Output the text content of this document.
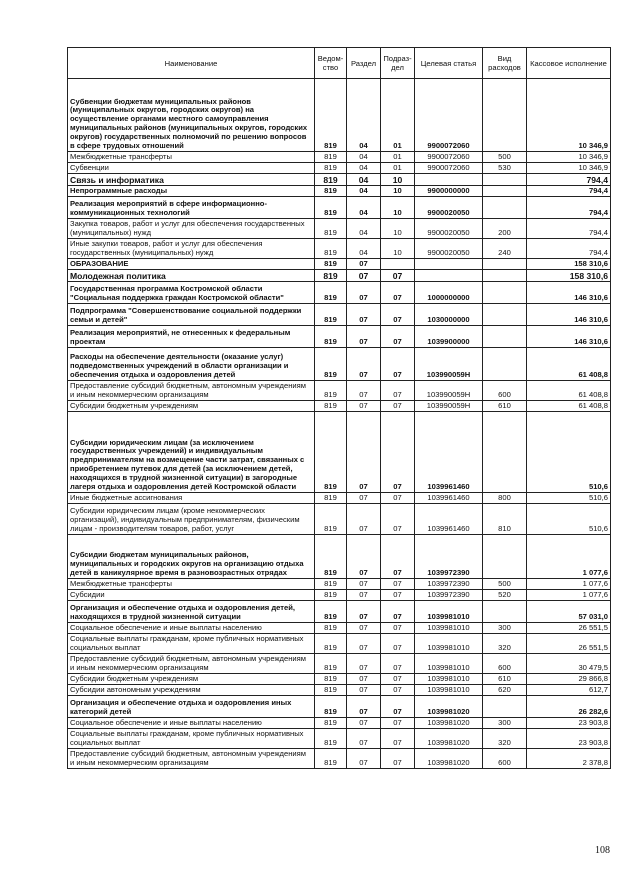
Наименование	Ведом-ство	Раздел	Подраз-дел	Целевая статья	Вид расходов	Кассовое исполнение
Субвенции бюджетам муниципальных районов (муниципальных округов, городских округов) на осуществление органами местного самоуправления муниципальных районов (муниципальных округов, городских округов) государственных полномочий по решению вопросов в сфере трудовых отношений	819	04	01	9900072060		10 346,9
Межбюджетные трансферты	819	04	01	9900072060	500	10 346,9
Субвенции	819	04	01	9900072060	530	10 346,9
Связь и информатика	819	04	10			794,4
Непрограммные расходы	819	04	10	9900000000		794,4
Реализация мероприятий в сфере информационно-коммуникационных технологий	819	04	10	9900020050		794,4
Закупка товаров, работ и услуг для обеспечения государственных (муниципальных) нужд	819	04	10	9900020050	200	794,4
Иные закупки товаров, работ и услуг для обеспечения государственных (муниципальных) нужд	819	04	10	9900020050	240	794,4
ОБРАЗОВАНИЕ	819	07				158 310,6
Молодежная политика	819	07	07			158 310,6
Государственная программа Костромской области "Социальная поддержка граждан Костромской области"	819	07	07	1000000000		146 310,6
Подпрограмма "Совершенствование социальной поддержки семьи и детей"	819	07	07	1030000000		146 310,6
Реализация мероприятий, не отнесенных к федеральным проектам	819	07	07	1039900000		146 310,6
Расходы на обеспечение деятельности (оказание услуг) подведомственных учреждений в области организации и обеспечения отдыха и оздоровления детей	819	07	07	103990059Н		61 408,8
Предоставление субсидий бюджетным, автономным учреждениям и иным некоммерческим организациям	819	07	07	103990059Н	600	61 408,8
Субсидии бюджетным учреждениям	819	07	07	103990059Н	610	61 408,8
Субсидии юридическим лицам (за исключением государственных учреждений) и индивидуальным предпринимателям на возмещение части затрат, связанных с приобретением путевок для детей (за исключением детей, находящихся в трудной жизненной ситуации) в загородные лагеря отдыха и оздоровления детей Костромской области	819	07	07	1039961460		510,6
Иные бюджетные ассигнования	819	07	07	1039961460	800	510,6
Субсидии юридическим лицам (кроме некоммерческих организаций), индивидуальным предпринимателям, физическим лицам - производителям товаров, работ, услуг	819	07	07	1039961460	810	510,6
Субсидии бюджетам муниципальных районов, муниципальных и городских округов на организацию отдыха детей в каникулярное время в разновозрастных отрядах	819	07	07	1039972390		1 077,6
Межбюджетные трансферты	819	07	07	1039972390	500	1 077,6
Субсидии	819	07	07	1039972390	520	1 077,6
Организация и обеспечение отдыха и оздоровления детей, находящихся в трудной жизненной ситуации	819	07	07	1039981010		57 031,0
Социальное обеспечение и иные выплаты населению	819	07	07	1039981010	300	26 551,5
Социальные выплаты гражданам, кроме публичных нормативных социальных выплат	819	07	07	1039981010	320	26 551,5
Предоставление субсидий бюджетным, автономным учреждениям и иным некоммерческим организациям	819	07	07	1039981010	600	30 479,5
Субсидии бюджетным учреждениям	819	07	07	1039981010	610	29 866,8
Субсидии автономным учреждениям	819	07	07	1039981010	620	612,7
Организация и обеспечение отдыха и оздоровления иных категорий детей	819	07	07	1039981020		26 282,6
Социальное обеспечение и иные выплаты населению	819	07	07	1039981020	300	23 903,8
Социальные выплаты гражданам, кроме публичных нормативных социальных выплат	819	07	07	1039981020	320	23 903,8
Предоставление субсидий бюджетным, автономным учреждениям и иным некоммерческим организациям	819	07	07	1039981020	600	2 378,8
108
